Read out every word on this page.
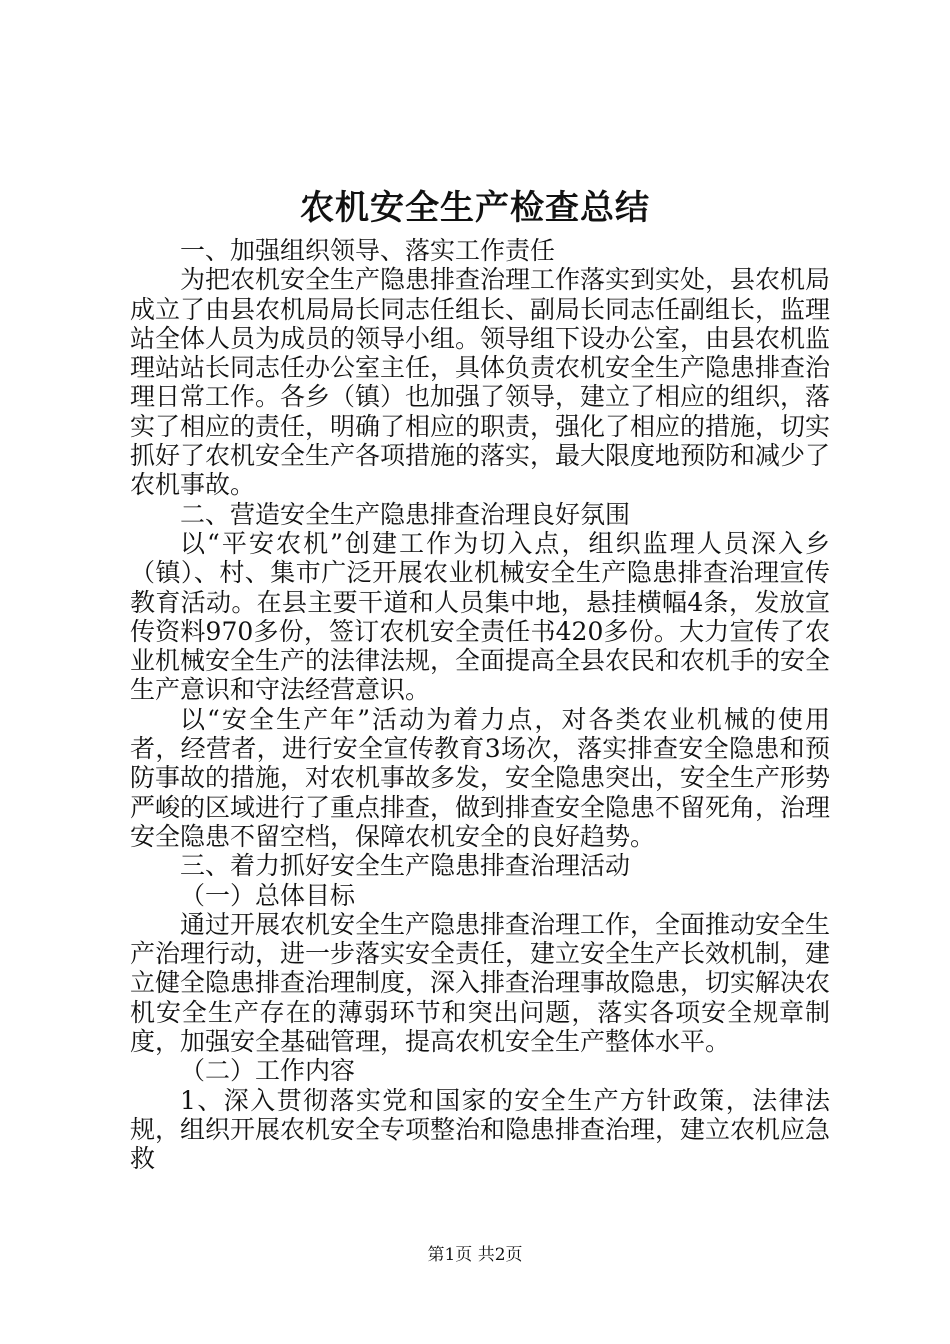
农机安全生产检查总结

一、加强组织领导、落实工作责任

为把农机安全生产隐患排查治理工作落实到实处，县农机局成立了由县农机局局长同志任组长、副局长同志任副组长，监理站全体人员为成员的领导小组。领导组下设办公室，由县农机监理站站长同志任办公室主任，具体负责农机安全生产隐患排查治理日常工作。各乡（镇）也加强了领导，建立了相应的组织，落实了相应的责任，明确了相应的职责，强化了相应的措施，切实抓好了农机安全生产各项措施的落实，最大限度地预防和减少了农机事故。

二、营造安全生产隐患排查治理良好氛围

以“平安农机”创建工作为切入点，组织监理人员深入乡（镇）、村、集市广泛开展农业机械安全生产隐患排查治理宣传教育活动。在县主要干道和人员集中地，悬挂横幅4条，发放宣传资料970多份，签订农机安全责任书420多份。大力宣传了农业机械安全生产的法律法规，全面提高全县农民和农机手的安全生产意识和守法经营意识。

以“安全生产年”活动为着力点，对各类农业机械的使用者，经营者，进行安全宣传教育3场次，落实排查安全隐患和预防事故的措施，对农机事故多发，安全隐患突出，安全生产形势严峻的区域进行了重点排查，做到排查安全隐患不留死角，治理安全隐患不留空档，保障农机安全的良好趋势。

三、着力抓好安全生产隐患排查治理活动

（一）总体目标

通过开展农机安全生产隐患排查治理工作，全面推动安全生产治理行动，进一步落实安全责任，建立安全生产长效机制，建立健全隐患排查治理制度，深入排查治理事故隐患，切实解决农机安全生产存在的薄弱环节和突出问题，落实各项安全规章制度，加强安全基础管理，提高农机安全生产整体水平。

（二）工作内容

1、深入贯彻落实党和国家的安全生产方针政策，法律法规，组织开展农机安全专项整治和隐患排查治理，建立农机应急救

第1页 共2页
